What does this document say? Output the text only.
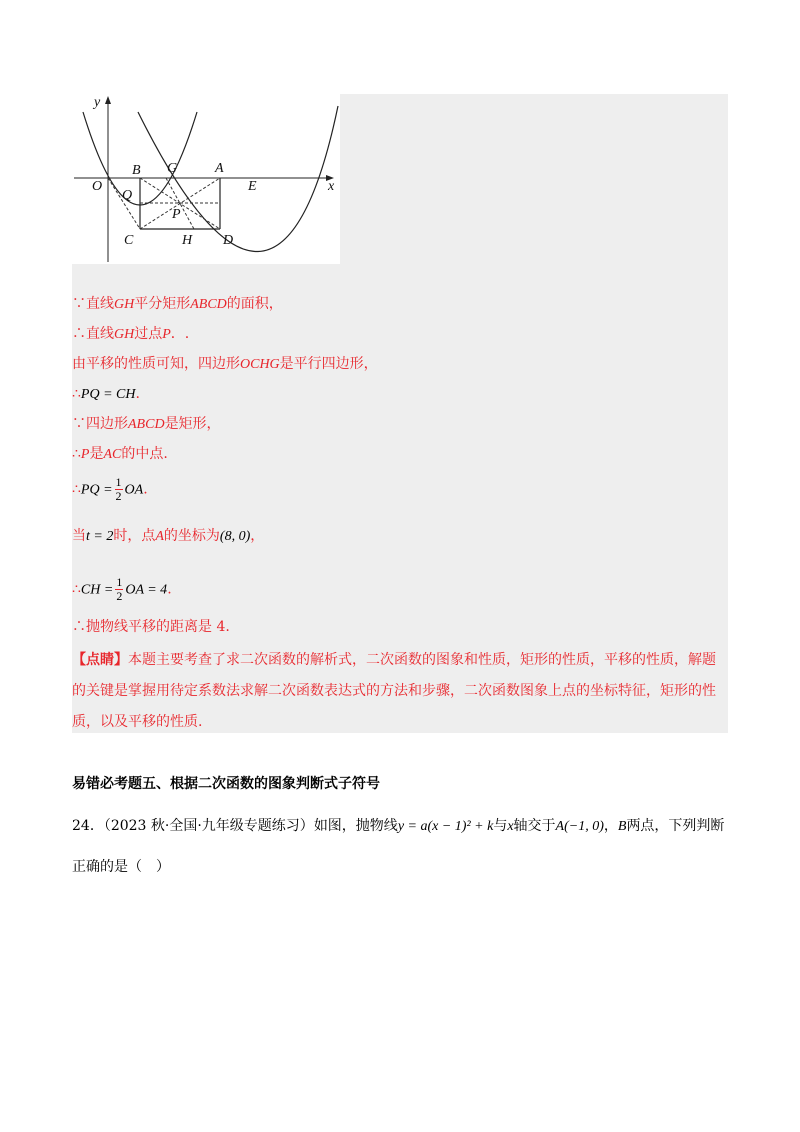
y
x
O
B G	A
E
Q
P
C	H D
∵直线GH平分矩形ABCD的面积，
∴直线GH过点P．.
由平移的性质可知，四边形OCHG是平行四边形，
∴PQ = CH.
∵四边形ABCD是矩形，
∴P是AC的中点.
∴PQ = $\frac{1}{2}$ OA.
当t = 2时，点A的坐标为(8, 0)，
∴CH = $\frac{1}{2}$ OA = 4.
∴抛物线平移的距离是 4.
【点睛】本题主要考查了求二次函数的解析式，二次函数的图象和性质，矩形的性质，平移的性质，解题的关键是掌握用待定系数法求解二次函数表达式的方法和步骤，二次函数图象上点的坐标特征，矩形的性质，以及平移的性质.
易错必考题五、根据二次函数的图象判断式子符号
24．（2023 秋·全国·九年级专题练习）如图，抛物线y = a(x − 1)² + k与x轴交于A(−1, 0)，B两点，下列判断正确的是（　）
